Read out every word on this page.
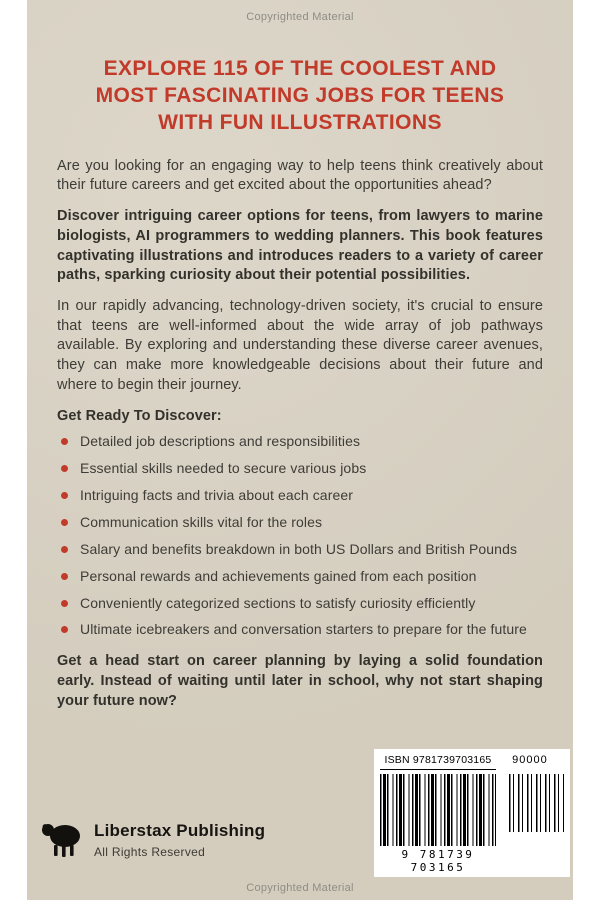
Copyrighted Material
EXPLORE 115 OF THE COOLEST AND
MOST FASCINATING JOBS FOR TEENS
WITH FUN ILLUSTRATIONS

Are you looking for an engaging way to help teens think creatively about their future careers and get excited about the opportunities ahead?

Discover intriguing career options for teens, from lawyers to marine biologists, AI programmers to wedding planners. This book features captivating illustrations and introduces readers to a variety of career paths, sparking curiosity about their potential possibilities.

In our rapidly advancing, technology-driven society, it's crucial to ensure that teens are well-informed about the wide array of job pathways available. By exploring and understanding these diverse career avenues, they can make more knowledgeable decisions about their future and where to begin their journey.

Get Ready To Discover:

Detailed job descriptions and responsibilities
Essential skills needed to secure various jobs
Intriguing facts and trivia about each career
Communication skills vital for the roles
Salary and benefits breakdown in both US Dollars and British Pounds
Personal rewards and achievements gained from each position
Conveniently categorized sections to satisfy curiosity efficiently
Ultimate icebreakers and conversation starters to prepare for the future

Get a head start on career planning by laying a solid foundation early. Instead of waiting until later in school, why not start shaping your future now?

Liberstax Publishing
All Rights Reserved
ISBN 9781739703165	90000
9 781739 703165
Copyrighted Material
